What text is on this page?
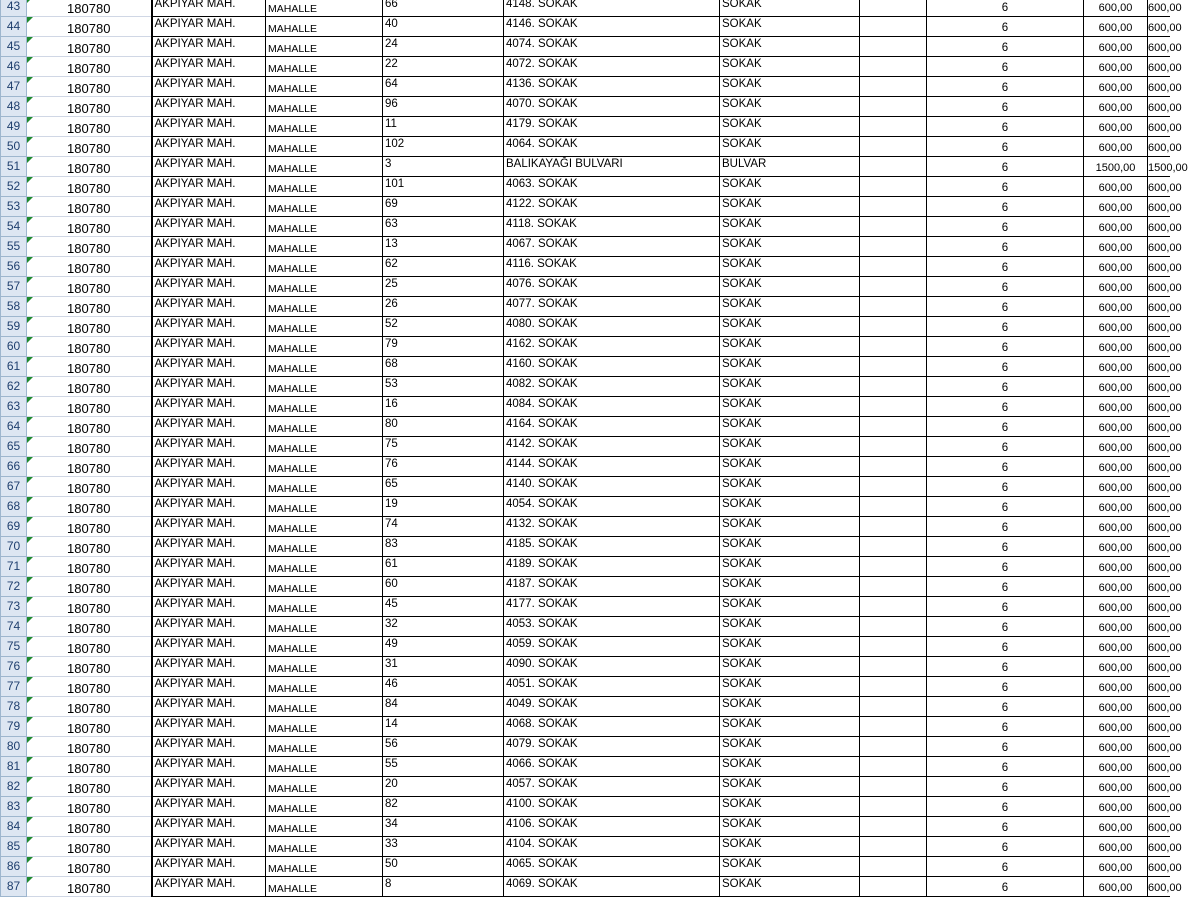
43	180780	AKPIYAR MAH.	MAHALLE	66	4148. SOKAK	SOKAK		6	600,00	600,00
44	180780	AKPIYAR MAH.	MAHALLE	40	4146. SOKAK	SOKAK		6	600,00	600,00
45	180780	AKPIYAR MAH.	MAHALLE	24	4074. SOKAK	SOKAK		6	600,00	600,00
46	180780	AKPIYAR MAH.	MAHALLE	22	4072. SOKAK	SOKAK		6	600,00	600,00
47	180780	AKPIYAR MAH.	MAHALLE	64	4136. SOKAK	SOKAK		6	600,00	600,00
48	180780	AKPIYAR MAH.	MAHALLE	96	4070. SOKAK	SOKAK		6	600,00	600,00
49	180780	AKPIYAR MAH.	MAHALLE	11	4179. SOKAK	SOKAK		6	600,00	600,00
50	180780	AKPIYAR MAH.	MAHALLE	102	4064. SOKAK	SOKAK		6	600,00	600,00
51	180780	AKPIYAR MAH.	MAHALLE	3	BALIKAYAĞI BULVARI	BULVAR		6	1500,00	1500,00
52	180780	AKPIYAR MAH.	MAHALLE	101	4063. SOKAK	SOKAK		6	600,00	600,00
53	180780	AKPIYAR MAH.	MAHALLE	69	4122. SOKAK	SOKAK		6	600,00	600,00
54	180780	AKPIYAR MAH.	MAHALLE	63	4118. SOKAK	SOKAK		6	600,00	600,00
55	180780	AKPIYAR MAH.	MAHALLE	13	4067. SOKAK	SOKAK		6	600,00	600,00
56	180780	AKPIYAR MAH.	MAHALLE	62	4116. SOKAK	SOKAK		6	600,00	600,00
57	180780	AKPIYAR MAH.	MAHALLE	25	4076. SOKAK	SOKAK		6	600,00	600,00
58	180780	AKPIYAR MAH.	MAHALLE	26	4077. SOKAK	SOKAK		6	600,00	600,00
59	180780	AKPIYAR MAH.	MAHALLE	52	4080. SOKAK	SOKAK		6	600,00	600,00
60	180780	AKPIYAR MAH.	MAHALLE	79	4162. SOKAK	SOKAK		6	600,00	600,00
61	180780	AKPIYAR MAH.	MAHALLE	68	4160. SOKAK	SOKAK		6	600,00	600,00
62	180780	AKPIYAR MAH.	MAHALLE	53	4082. SOKAK	SOKAK		6	600,00	600,00
63	180780	AKPIYAR MAH.	MAHALLE	16	4084. SOKAK	SOKAK		6	600,00	600,00
64	180780	AKPIYAR MAH.	MAHALLE	80	4164. SOKAK	SOKAK		6	600,00	600,00
65	180780	AKPIYAR MAH.	MAHALLE	75	4142. SOKAK	SOKAK		6	600,00	600,00
66	180780	AKPIYAR MAH.	MAHALLE	76	4144. SOKAK	SOKAK		6	600,00	600,00
67	180780	AKPIYAR MAH.	MAHALLE	65	4140. SOKAK	SOKAK		6	600,00	600,00
68	180780	AKPIYAR MAH.	MAHALLE	19	4054. SOKAK	SOKAK		6	600,00	600,00
69	180780	AKPIYAR MAH.	MAHALLE	74	4132. SOKAK	SOKAK		6	600,00	600,00
70	180780	AKPIYAR MAH.	MAHALLE	83	4185. SOKAK	SOKAK		6	600,00	600,00
71	180780	AKPIYAR MAH.	MAHALLE	61	4189. SOKAK	SOKAK		6	600,00	600,00
72	180780	AKPIYAR MAH.	MAHALLE	60	4187. SOKAK	SOKAK		6	600,00	600,00
73	180780	AKPIYAR MAH.	MAHALLE	45	4177. SOKAK	SOKAK		6	600,00	600,00
74	180780	AKPIYAR MAH.	MAHALLE	32	4053. SOKAK	SOKAK		6	600,00	600,00
75	180780	AKPIYAR MAH.	MAHALLE	49	4059. SOKAK	SOKAK		6	600,00	600,00
76	180780	AKPIYAR MAH.	MAHALLE	31	4090. SOKAK	SOKAK		6	600,00	600,00
77	180780	AKPIYAR MAH.	MAHALLE	46	4051. SOKAK	SOKAK		6	600,00	600,00
78	180780	AKPIYAR MAH.	MAHALLE	84	4049. SOKAK	SOKAK		6	600,00	600,00
79	180780	AKPIYAR MAH.	MAHALLE	14	4068. SOKAK	SOKAK		6	600,00	600,00
80	180780	AKPIYAR MAH.	MAHALLE	56	4079. SOKAK	SOKAK		6	600,00	600,00
81	180780	AKPIYAR MAH.	MAHALLE	55	4066. SOKAK	SOKAK		6	600,00	600,00
82	180780	AKPIYAR MAH.	MAHALLE	20	4057. SOKAK	SOKAK		6	600,00	600,00
83	180780	AKPIYAR MAH.	MAHALLE	82	4100. SOKAK	SOKAK		6	600,00	600,00
84	180780	AKPIYAR MAH.	MAHALLE	34	4106. SOKAK	SOKAK		6	600,00	600,00
85	180780	AKPIYAR MAH.	MAHALLE	33	4104. SOKAK	SOKAK		6	600,00	600,00
86	180780	AKPIYAR MAH.	MAHALLE	50	4065. SOKAK	SOKAK		6	600,00	600,00
87	180780	AKPIYAR MAH.	MAHALLE	8	4069. SOKAK	SOKAK		6	600,00	600,00
